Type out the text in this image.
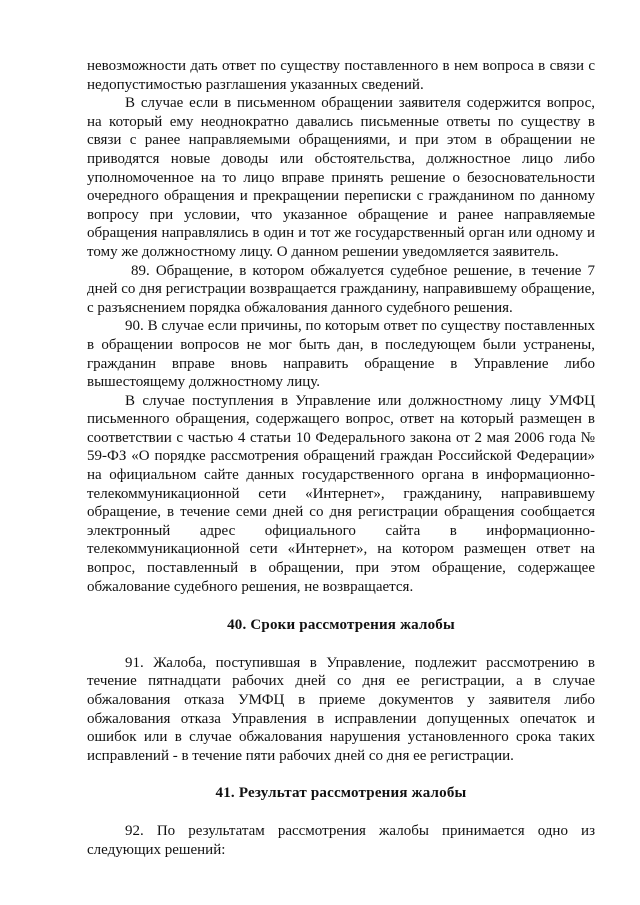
невозможности дать ответ по существу поставленного в нем вопроса в связи с недопустимостью разглашения указанных сведений.

В случае если в письменном обращении заявителя содержится вопрос, на который ему неоднократно давались письменные ответы по существу в связи с ранее направляемыми обращениями, и при этом в обращении не приводятся новые доводы или обстоятельства, должностное лицо либо уполномоченное на то лицо вправе принять решение о безосновательности очередного обращения и прекращении переписки с гражданином по данному вопросу при условии, что указанное обращение и ранее направляемые обращения направлялись в один и тот же государственный орган или одному и тому же должностному лицу. О данном решении уведомляется заявитель.

89. Обращение, в котором обжалуется судебное решение, в течение 7 дней со дня регистрации возвращается гражданину, направившему обращение, с разъяснением порядка обжалования данного судебного решения.

90. В случае если причины, по которым ответ по существу поставленных в обращении вопросов не мог быть дан, в последующем были устранены, гражданин вправе вновь направить обращение в Управление либо вышестоящему должностному лицу.

В случае поступления в Управление или должностному лицу УМФЦ письменного обращения, содержащего вопрос, ответ на который размещен в соответствии с частью 4 статьи 10 Федерального закона от 2 мая 2006 года № 59-ФЗ «О порядке рассмотрения обращений граждан Российской Федерации» на официальном сайте данных государственного органа в информационно-телекоммуникационной сети «Интернет», гражданину, направившему обращение, в течение семи дней со дня регистрации обращения сообщается электронный адрес официального сайта в информационно-телекоммуникационной сети «Интернет», на котором размещен ответ на вопрос, поставленный в обращении, при этом обращение, содержащее обжалование судебного решения, не возвращается.

40. Сроки рассмотрения жалобы

91. Жалоба, поступившая в Управление, подлежит рассмотрению в течение пятнадцати рабочих дней со дня ее регистрации, а в случае обжалования отказа УМФЦ в приеме документов у заявителя либо обжалования отказа Управления в исправлении допущенных опечаток и ошибок или в случае обжалования нарушения установленного срока таких исправлений - в течение пяти рабочих дней со дня ее регистрации.

41. Результат рассмотрения жалобы

92. По результатам рассмотрения жалобы принимается одно из следующих решений:
